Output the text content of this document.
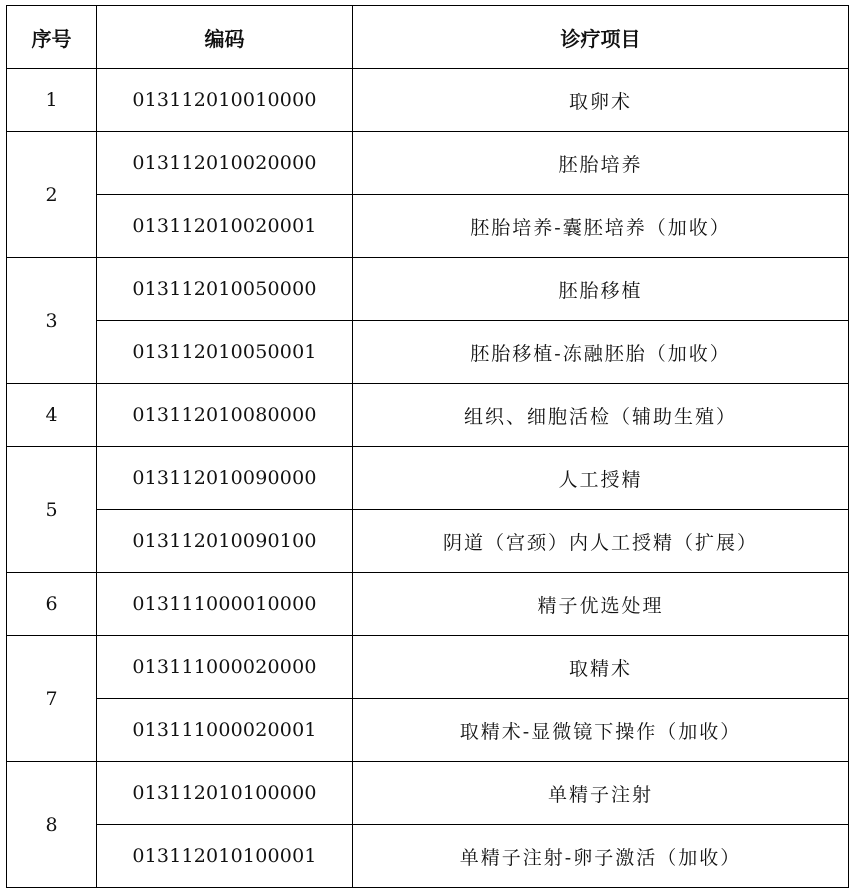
序号	编码	诊疗项目
1	013112010010000	取卵术
2	013112010020000	胚胎培养
	013112010020001	胚胎培养-囊胚培养（加收）
3	013112010050000	胚胎移植
	013112010050001	胚胎移植-冻融胚胎（加收）
4	013112010080000	组织、细胞活检（辅助生殖）
5	013112010090000	人工授精
	013112010090100	阴道（宫颈）内人工授精（扩展）
6	013111000010000	精子优选处理
7	013111000020000	取精术
	013111000020001	取精术-显微镜下操作（加收）
8	013112010100000	单精子注射
	013112010100001	单精子注射-卵子激活（加收）
